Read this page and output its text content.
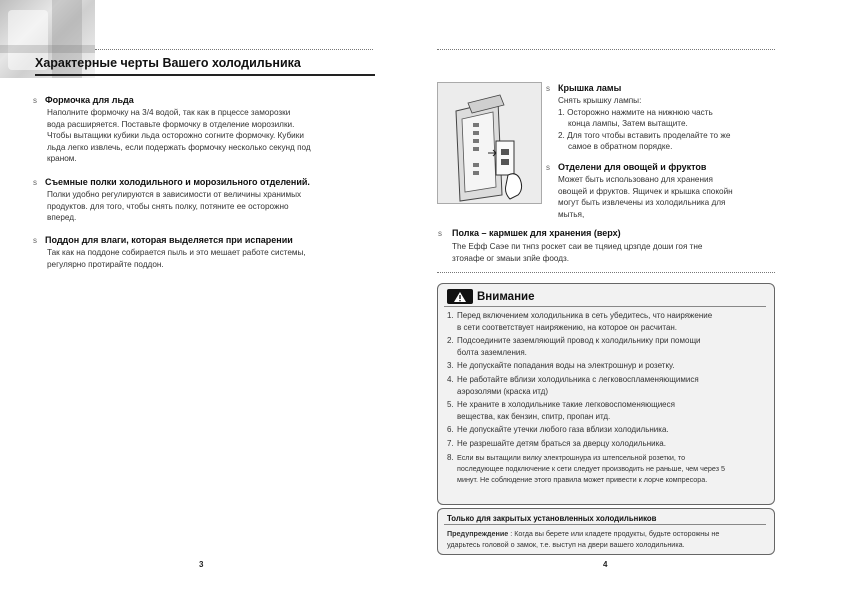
Характерные черты Вашего холодильника
s Формочка для льда
Наполните формочку на 3/4 водой, так как в прцессе заморозки
вода расширяется. Поставьте формочку в отделение морозилки.
Чтобы вытащики кубики льда осторожно согните формочку. Кубики
льда легко извлечь, если подержать формочку несколько секунд под
краном.
s Съемные полки холодильного и морозильного отделений.
Полки удобно регулируются в зависимости от величины хранимых
продуктов. для того, чтобы снять полку, потяните ее осторожно
вперед.
s Поддон для влаги, которая выделяется при испарении
Так как на поддоне собирается пыль и это мешает работе системы,
регулярно протирайте поддон.
3
s Крышка ламы
Снять крышку лампы:
1. Осторожно нажмите на нижнюю часть
конца лампы, Затем вытащите.
2. Для того чтобы вставить проделайте то же
самое в обратном порядке.
s Отделени для овощей и фруктов
Может быть использовано для хранения
овощей и фруктов. Ящичек и крышка спокойн
могут быть извлечены из холодильника для
мытья,
s	Полка – кармшек для хранения (верх)
Тhе Ефф Саэе пи тнпз роскет саи ве тцяиед црзпде доши гоя тне
зтояафе ог змаыи зпйе фоодз.
Внимание
1. Перед включением холодильника в сеть убедитесь, что наиряжение
в сети соответствует наиряжению, на которое он расчитан.
2. Подсоедините заземляющий провод к холодильнику при помощи
болта заземления.
3. Не допускайте попадания воды на электрошнур и розетку.
4. Не работайте вблизи холодильника с легковоспламеняющимися
аэрозолями (краска итд)
5. Не храните в холодильнике такие легковоспоменяющиеся
вещества, как бензин, спитр, пропан итд.
6. Не допускайте утечки любого газа вблизи холодильника.
7. Не разрешайте детям браться за дверцу холодильника.
8. Если вы вытащили вилку электрошнура из штепсельной розетки, то
последующее подключение к сети следует производить не раньше, чем через 5
минут. Не соблюдение этого правила может привести к лорче компресора.
Только для закрытых установленных холодильников
Предупреждение : Когда вы берете или кладете продукты, будьте осторожны не
ударьтесь головой о замок, т.е. выступ на двери вашего холодильника.
4
